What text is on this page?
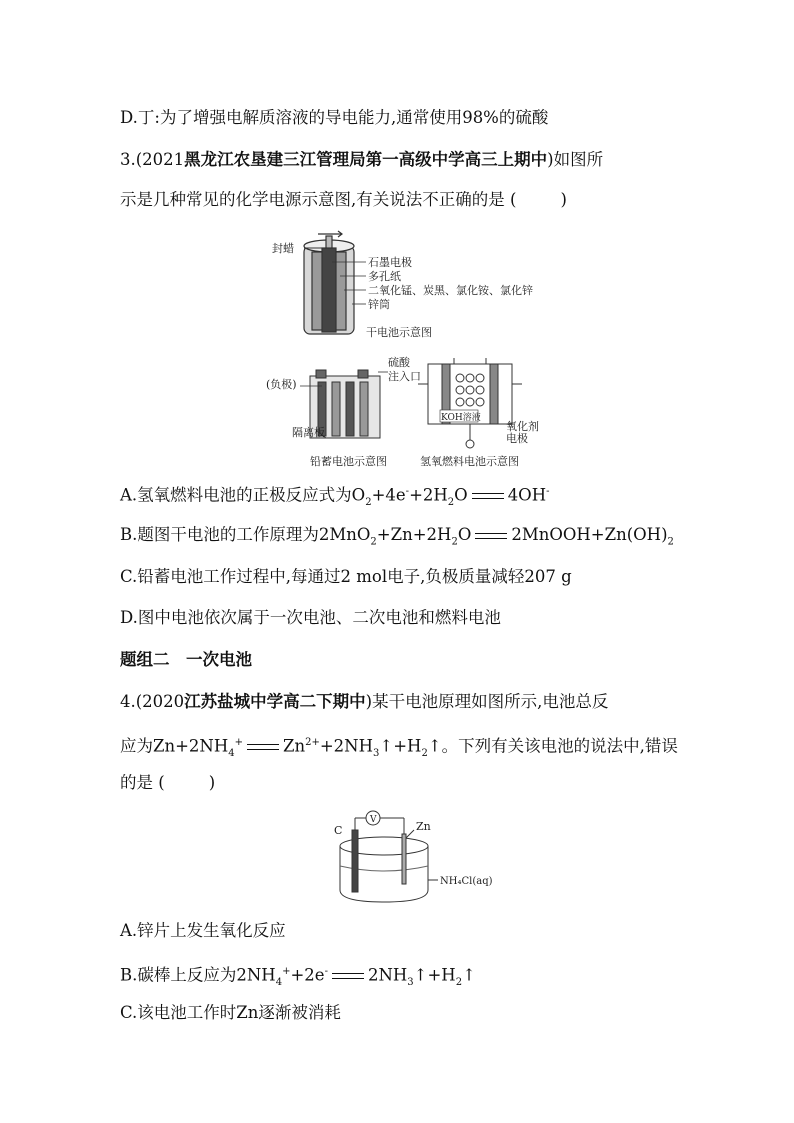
D.丁:为了增强电解质溶液的导电能力,通常使用98%的硫酸
3.(2021黑龙江农垦建三江管理局第一高级中学高三上期中)如图所
示是几种常见的化学电源示意图,有关说法不正确的是 (	)
封蜡
石墨电极
多孔纸
二氧化锰、炭黑、氯化铵、氯化锌
锌筒
干电池示意图
(负极)
硫酸
注入口
隔离板
铅蓄电池示意图
KOH溶液
氧化剂
电极
氢氧燃料电池示意图
A.氢氧燃料电池的正极反应式为$O_2+4e^-+2H_2O$ 4OH-
B.题图干电池的工作原理为$2MnO_2+Zn+2H_2O$ $2MnOOH+Zn(OH)_2$
C.铅蓄电池工作过程中,每通过2 mol电子,负极质量减轻207 g
D.图中电池依次属于一次电池、二次电池和燃料电池
题组二　一次电池
4.(2020江苏盐城中学高二下期中)某干电池原理如图所示,电池总反
应为$Zn+2NH_4^+$ $Zn^{2+}+2NH_3↑+H_2↑$。下列有关该电池的说法中,错误
的是 (	)
V
C	Zn
NH₄Cl(aq)
A.锌片上发生氧化反应
B.碳棒上反应为$2NH_4^++2e^-$ $2NH_3↑+H_2↑$
C.该电池工作时Zn逐渐被消耗
